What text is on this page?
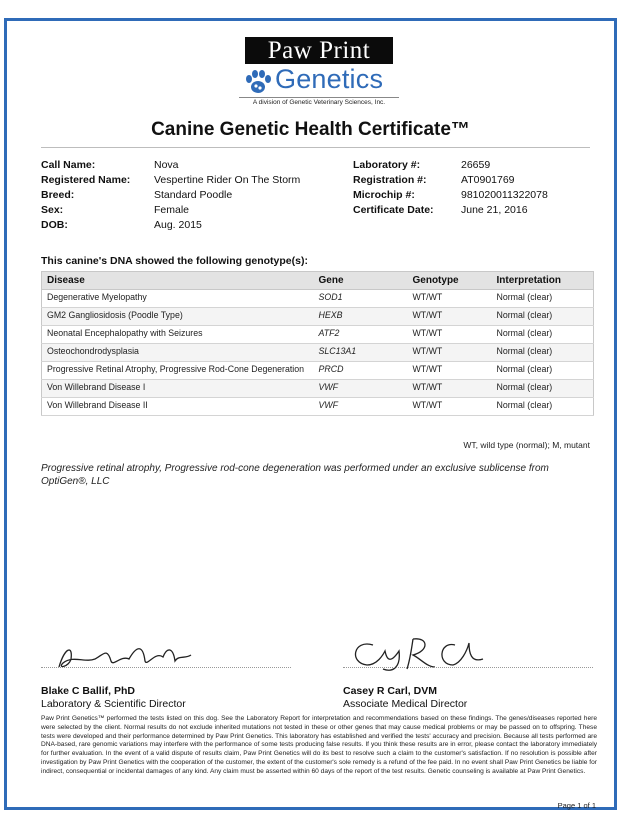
Paw Print
Genetics
A division of Genetic Veterinary Sciences, Inc.
Canine Genetic Health Certificate™
Call Name:	Nova
Registered Name:	Vespertine Rider On The Storm
Breed:	Standard Poodle
Sex:	Female
DOB:	Aug. 2015
Laboratory #:	26659
Registration #:	AT0901769
Microchip #:	981020011322078
Certificate Date:	June 21, 2016
This canine's DNA showed the following genotype(s):
Disease	Gene	Genotype	Interpretation
Degenerative Myelopathy	SOD1	WT/WT	Normal (clear)
GM2 Gangliosidosis (Poodle Type)	HEXB	WT/WT	Normal (clear)
Neonatal Encephalopathy with Seizures	ATF2	WT/WT	Normal (clear)
Osteochondrodysplasia	SLC13A1	WT/WT	Normal (clear)
Progressive Retinal Atrophy, Progressive Rod-Cone Degeneration	PRCD	WT/WT	Normal (clear)
Von Willebrand Disease I	VWF	WT/WT	Normal (clear)
Von Willebrand Disease II	VWF	WT/WT	Normal (clear)
WT, wild type (normal); M, mutant
Progressive retinal atrophy, Progressive rod-cone degeneration was performed under an exclusive sublicense from OptiGen®, LLC
Blake C Ballif, PhD
Laboratory & Scientific Director
Casey R Carl, DVM
Associate Medical Director
Paw Print Genetics™ performed the tests listed on this dog. See the Laboratory Report for interpretation and recommendations based on these findings. The genes/diseases reported here were selected by the client. Normal results do not exclude inherited mutations not tested in these or other genes that may cause medical problems or may be passed on to offspring. These tests were developed and their performance determined by Paw Print Genetics. This laboratory has established and verified the tests' accuracy and precision. Because all tests performed are DNA-based, rare genomic variations may interfere with the performance of some tests producing false results. If you think these results are in error, please contact the laboratory immediately for further evaluation. In the event of a valid dispute of results claim, Paw Print Genetics will do its best to resolve such a claim to the customer's satisfaction. If no resolution is possible after investigation by Paw Print Genetics with the cooperation of the customer, the extent of the customer's sole remedy is a refund of the fee paid. In no event shall Paw Print Genetics be liable for indirect, consequential or incidental damages of any kind. Any claim must be asserted within 60 days of the report of the test results. Genetic counseling is available at Paw Print Genetics.
Page 1 of 1
